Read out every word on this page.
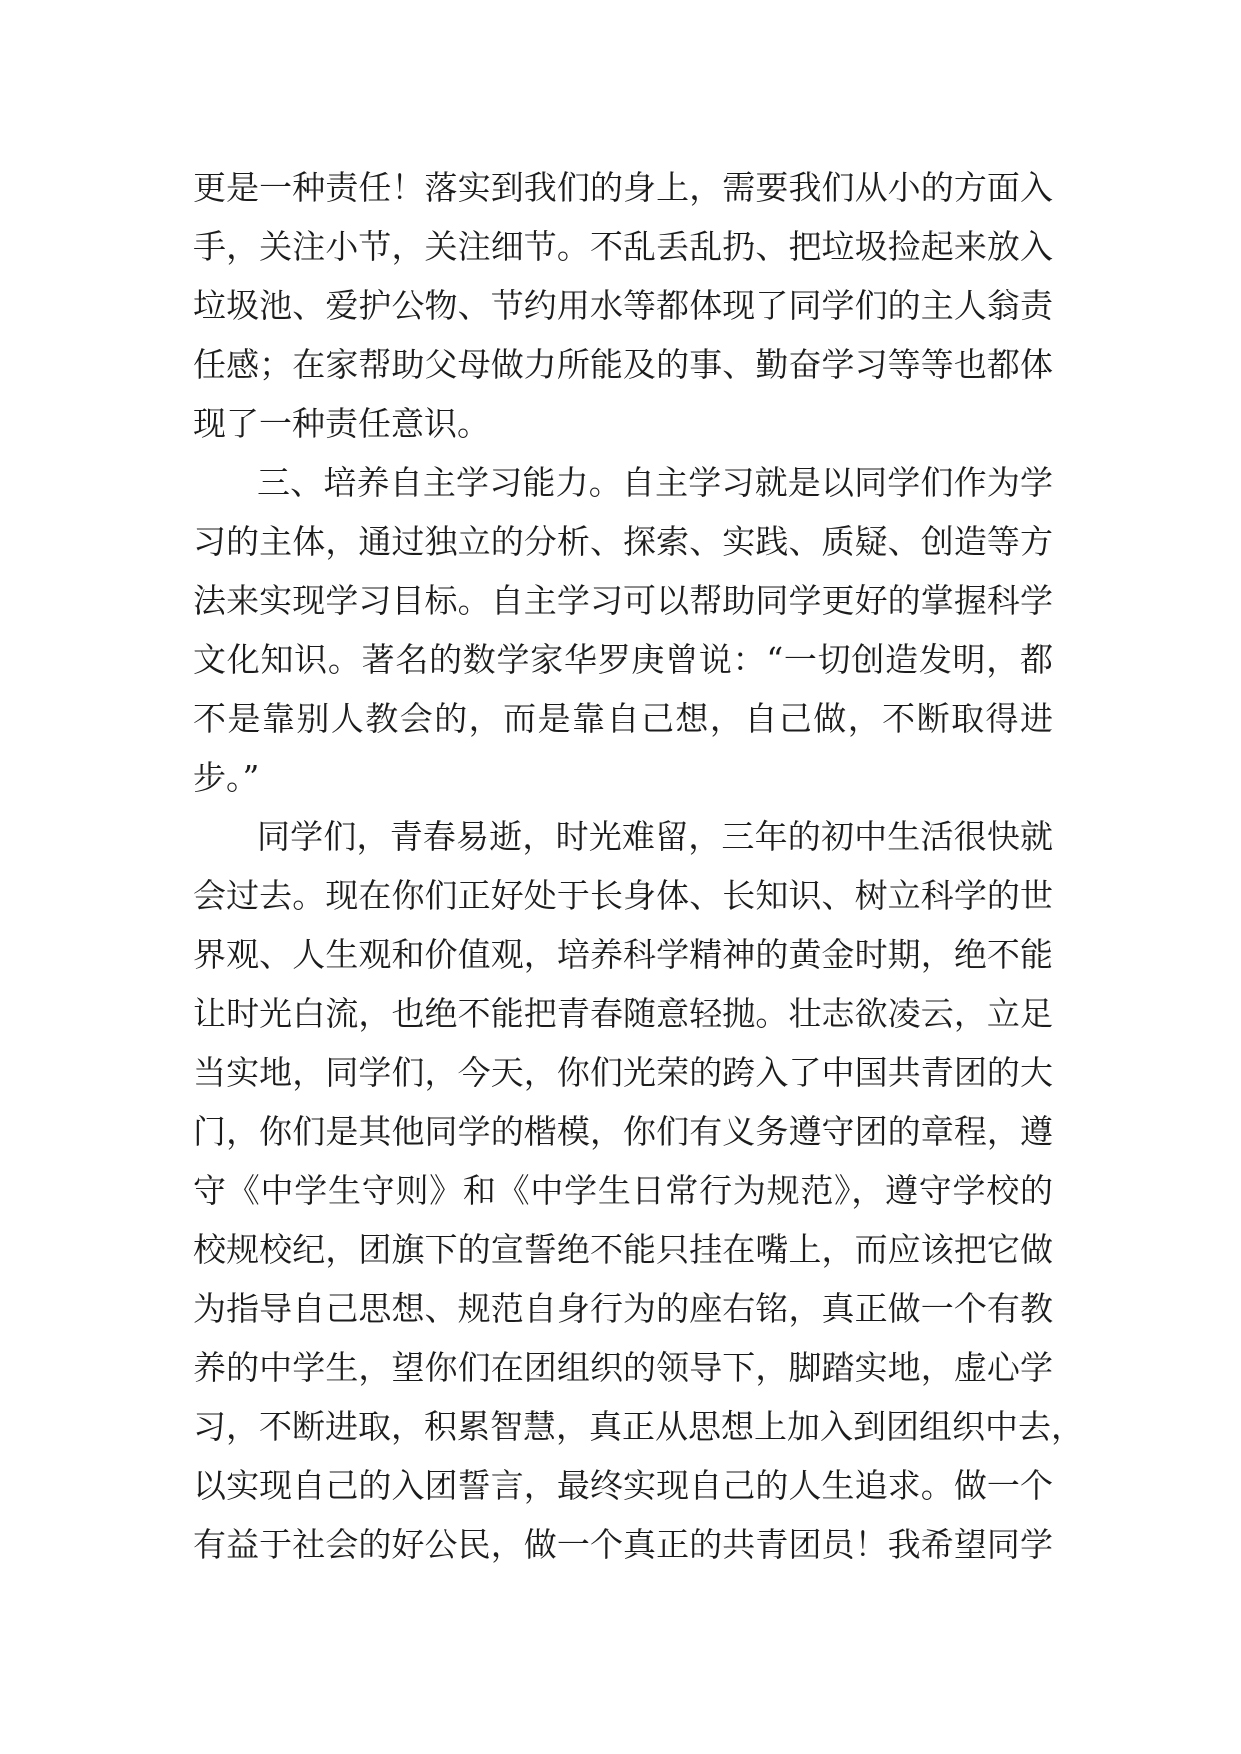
更是一种责任！落实到我们的身上，需要我们从小的方面入
手，关注小节，关注细节。不乱丢乱扔、把垃圾捡起来放入
垃圾池、爱护公物、节约用水等都体现了同学们的主人翁责
任感；在家帮助父母做力所能及的事、勤奋学习等等也都体
现了一种责任意识。
三、培养自主学习能力。自主学习就是以同学们作为学
习的主体，通过独立的分析、探索、实践、质疑、创造等方
法来实现学习目标。自主学习可以帮助同学更好的掌握科学
文化知识。著名的数学家华罗庚曾说：“一切创造发明，都
不是靠别人教会的，而是靠自己想，自己做，不断取得进
步。”
同学们，青春易逝，时光难留，三年的初中生活很快就
会过去。现在你们正好处于长身体、长知识、树立科学的世
界观、人生观和价值观，培养科学精神的黄金时期，绝不能
让时光白流，也绝不能把青春随意轻抛。壮志欲凌云，立足
当实地，同学们，今天，你们光荣的跨入了中国共青团的大
门，你们是其他同学的楷模，你们有义务遵守团的章程，遵
守《中学生守则》和《中学生日常行为规范》，遵守学校的
校规校纪，团旗下的宣誓绝不能只挂在嘴上，而应该把它做
为指导自己思想、规范自身行为的座右铭，真正做一个有教
养的中学生，望你们在团组织的领导下，脚踏实地，虚心学
习，不断进取，积累智慧，真正从思想上加入到团组织中去，
以实现自己的入团誓言，最终实现自己的人生追求。做一个
有益于社会的好公民，做一个真正的共青团员！我希望同学
